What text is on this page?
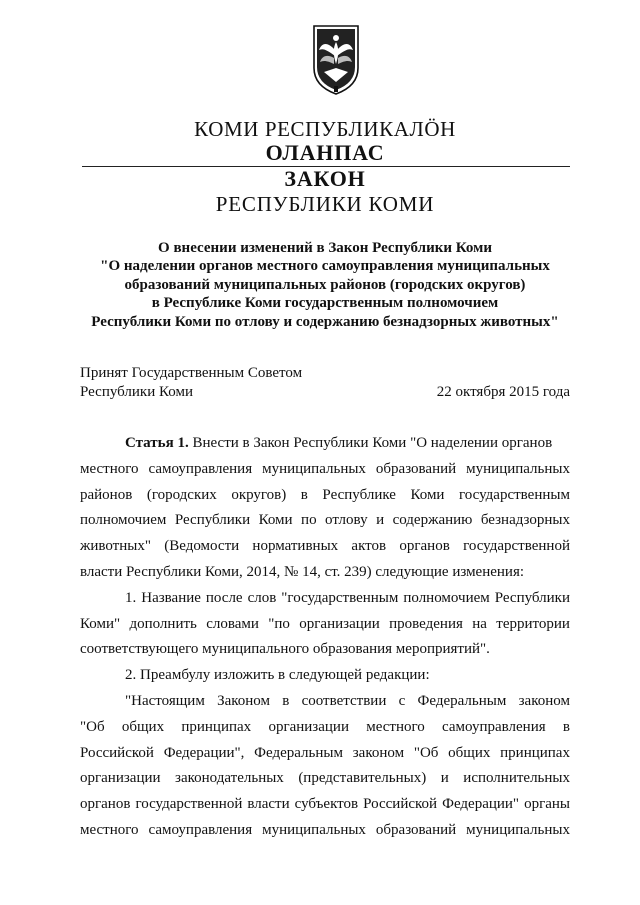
КОМИ РЕСПУБЛИКАЛÖН
ОЛАНПАС
ЗАКОН
РЕСПУБЛИКИ КОМИ
О внесении изменений в Закон Республики Коми
"О наделении органов местного самоуправления муниципальных
образований муниципальных районов (городских округов)
в Республике Коми государственным полномочием
Республики Коми по отлову и содержанию безнадзорных животных"
Принят Государственным Советом
Республики Коми	22 октября 2015 года
Статья 1. Внести в Закон Республики Коми "О наделении органов
местного самоуправления муниципальных образований муниципальных
районов (городских округов) в Республике Коми государственным
полномочием Республики Коми по отлову и содержанию безнадзорных
животных" (Ведомости нормативных актов органов государственной
власти Республики Коми, 2014, № 14, ст. 239) следующие изменения:
1. Название после слов "государственным полномочием Республики
Коми" дополнить словами "по организации проведения на территории
соответствующего муниципального образования мероприятий".
2. Преамбулу изложить в следующей редакции:
"Настоящим Законом в соответствии с Федеральным законом
"Об общих принципах организации местного самоуправления в
Российской Федерации", Федеральным законом "Об общих принципах
организации законодательных (представительных) и исполнительных
органов государственной власти субъектов Российской Федерации" органы
местного самоуправления муниципальных образований муниципальных
